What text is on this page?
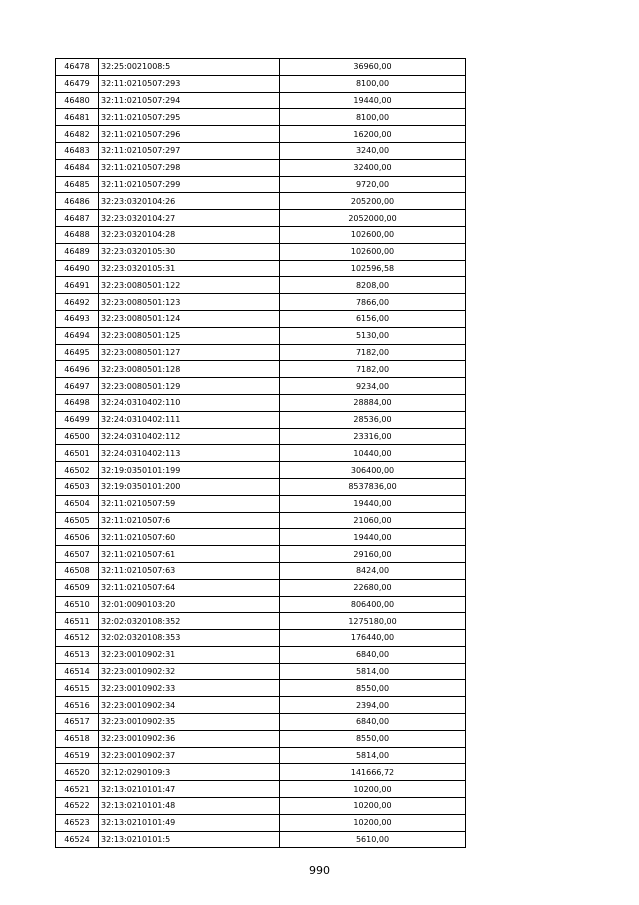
46478	32:25:0021008:5	36960,00
46479	32:11:0210507:293	8100,00
46480	32:11:0210507:294	19440,00
46481	32:11:0210507:295	8100,00
46482	32:11:0210507:296	16200,00
46483	32:11:0210507:297	3240,00
46484	32:11:0210507:298	32400,00
46485	32:11:0210507:299	9720,00
46486	32:23:0320104:26	205200,00
46487	32:23:0320104:27	2052000,00
46488	32:23:0320104:28	102600,00
46489	32:23:0320105:30	102600,00
46490	32:23:0320105:31	102596,58
46491	32:23:0080501:122	8208,00
46492	32:23:0080501:123	7866,00
46493	32:23:0080501:124	6156,00
46494	32:23:0080501:125	5130,00
46495	32:23:0080501:127	7182,00
46496	32:23:0080501:128	7182,00
46497	32:23:0080501:129	9234,00
46498	32:24:0310402:110	28884,00
46499	32:24:0310402:111	28536,00
46500	32:24:0310402:112	23316,00
46501	32:24:0310402:113	10440,00
46502	32:19:0350101:199	306400,00
46503	32:19:0350101:200	8537836,00
46504	32:11:0210507:59	19440,00
46505	32:11:0210507:6	21060,00
46506	32:11:0210507:60	19440,00
46507	32:11:0210507:61	29160,00
46508	32:11:0210507:63	8424,00
46509	32:11:0210507:64	22680,00
46510	32:01:0090103:20	806400,00
46511	32:02:0320108:352	1275180,00
46512	32:02:0320108:353	176440,00
46513	32:23:0010902:31	6840,00
46514	32:23:0010902:32	5814,00
46515	32:23:0010902:33	8550,00
46516	32:23:0010902:34	2394,00
46517	32:23:0010902:35	6840,00
46518	32:23:0010902:36	8550,00
46519	32:23:0010902:37	5814,00
46520	32:12:0290109:3	141666,72
46521	32:13:0210101:47	10200,00
46522	32:13:0210101:48	10200,00
46523	32:13:0210101:49	10200,00
46524	32:13:0210101:5	5610,00
990
